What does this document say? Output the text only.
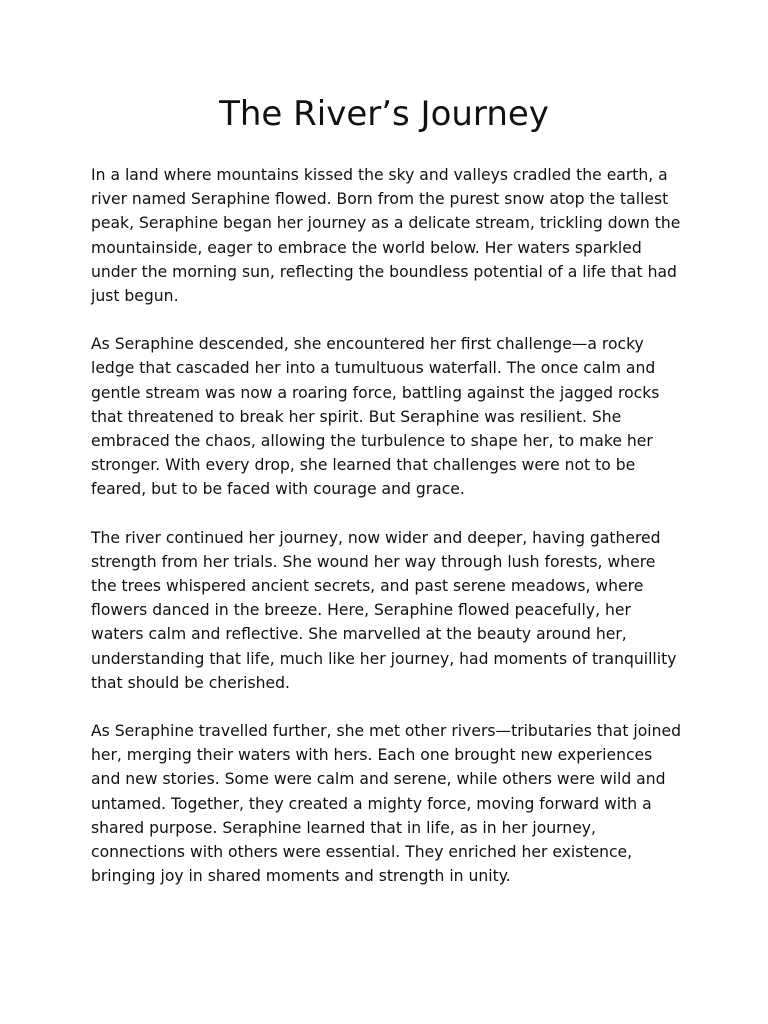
The River’s Journey

In a land where mountains kissed the sky and valleys cradled the earth, a river named Seraphine flowed. Born from the purest snow atop the tallest peak, Seraphine began her journey as a delicate stream, trickling down the mountainside, eager to embrace the world below. Her waters sparkled under the morning sun, reflecting the boundless potential of a life that had just begun.

As Seraphine descended, she encountered her first challenge—a rocky ledge that cascaded her into a tumultuous waterfall. The once calm and gentle stream was now a roaring force, battling against the jagged rocks that threatened to break her spirit. But Seraphine was resilient. She embraced the chaos, allowing the turbulence to shape her, to make her stronger. With every drop, she learned that challenges were not to be feared, but to be faced with courage and grace.

The river continued her journey, now wider and deeper, having gathered strength from her trials. She wound her way through lush forests, where the trees whispered ancient secrets, and past serene meadows, where flowers danced in the breeze. Here, Seraphine flowed peacefully, her waters calm and reflective. She marvelled at the beauty around her, understanding that life, much like her journey, had moments of tranquillity that should be cherished.

As Seraphine travelled further, she met other rivers—tributaries that joined her, merging their waters with hers. Each one brought new experiences and new stories. Some were calm and serene, while others were wild and untamed. Together, they created a mighty force, moving forward with a shared purpose. Seraphine learned that in life, as in her journey, connections with others were essential. They enriched her existence, bringing joy in shared moments and strength in unity.
